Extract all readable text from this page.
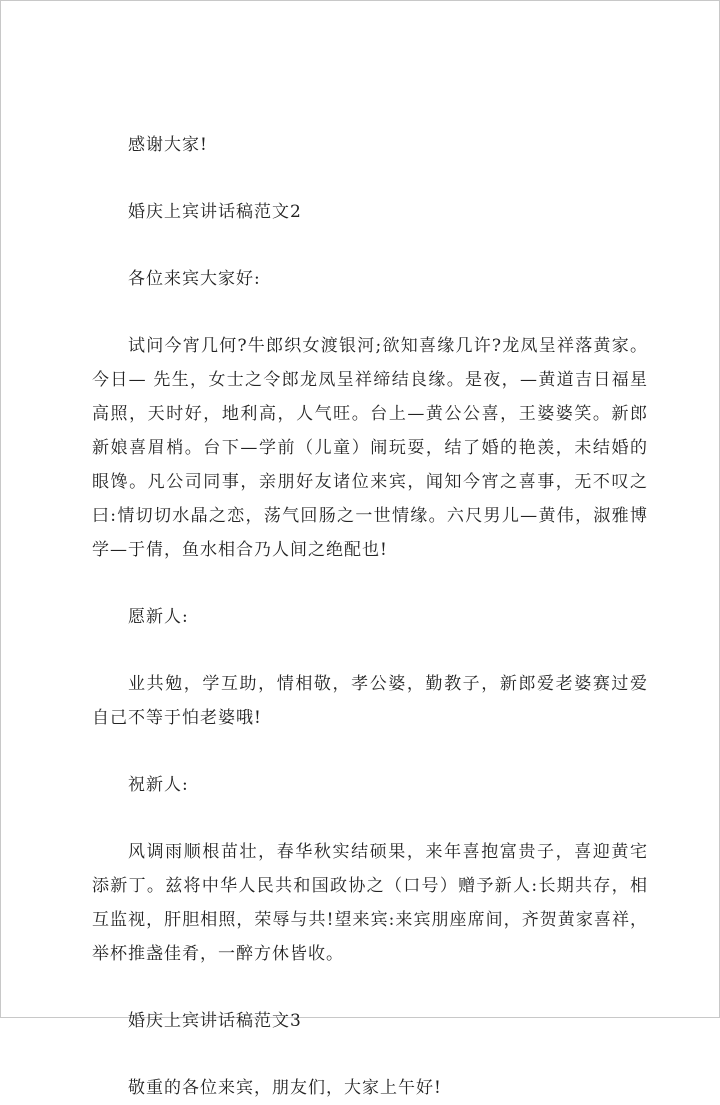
感谢大家!

婚庆上宾讲话稿范文2

各位来宾大家好:

试问今宵几何?牛郎织女渡银河;欲知喜缘几许?龙凤呈祥落黄家。今日— 先生，女士之令郎龙凤呈祥缔结良缘。是夜，—黄道吉日福星高照，天时好，地利高，人气旺。台上—黄公公喜，王婆婆笑。新郎新娘喜眉梢。台下—学前（儿童）闹玩耍，结了婚的艳羡，未结婚的眼馋。凡公司同事，亲朋好友诸位来宾，闻知今宵之喜事，无不叹之曰:情切切水晶之恋，荡气回肠之一世情缘。六尺男儿—黄伟，淑雅博学—于倩，鱼水相合乃人间之绝配也!

愿新人:

业共勉，学互助，情相敬，孝公婆，勤教子，新郎爱老婆赛过爱自己不等于怕老婆哦!

祝新人:

风调雨顺根苗壮，春华秋实结硕果，来年喜抱富贵子，喜迎黄宅添新丁。兹将中华人民共和国政协之（口号）赠予新人:长期共存，相互监视，肝胆相照，荣辱与共!望来宾:来宾朋座席间，齐贺黄家喜祥，举杯推盏佳肴，一醉方休皆收。

婚庆上宾讲话稿范文3

敬重的各位来宾，朋友们，大家上午好!
